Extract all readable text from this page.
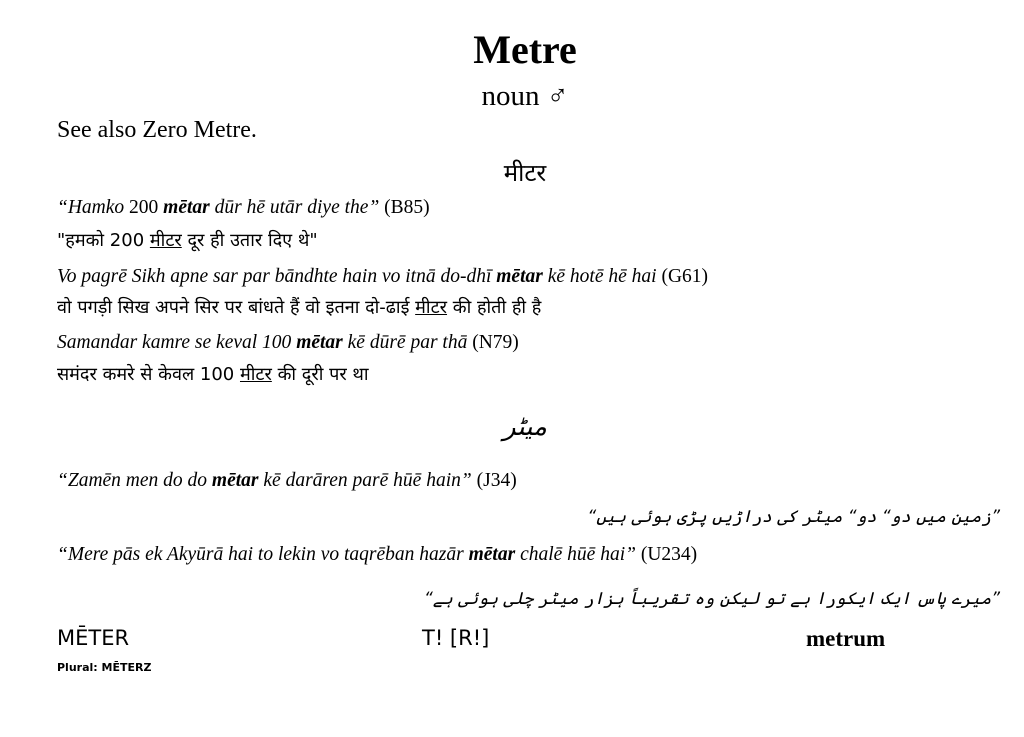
Metre
noun ♂
See also Zero Metre.
मीटर
“Hamko 200 mētar dūr hē utār diye the” (B85)
"हमको 200 मीटर दूर ही उतार दिए थे"
Vo pagrē Sikh apne sar par bāndhte hain vo itnā do-dhī mētar kē hotē hē hai (G61)
वो पगड़ी सिख अपने सिर पर बांधते हैं वो इतना दो-ढाई मीटर की होती ही है
Samandar kamre se keval 100 mētar kē dūrē par thā (N79)
समंदर कमरे से केवल 100 मीटर की दूरी पर था
میٹر
“Zamēn men do do mētar kē darāren parē hūē hain” (J34)
”زمین میں دو“ دو“ میٹر کی دراڑیں پڑی ہوئی ہیں“
“Mere pās ek Akyūrā hai to lekin vo taqrēban hazār mētar chalē hūē hai” (U234)
”میرے پاس ایک ایکورا ہے تو لیکن وہ تقریباً ہزار میٹر چلی ہوئی ہے“
MĒTER
Plural: MĒTERZ
T! [R!]	metrum
